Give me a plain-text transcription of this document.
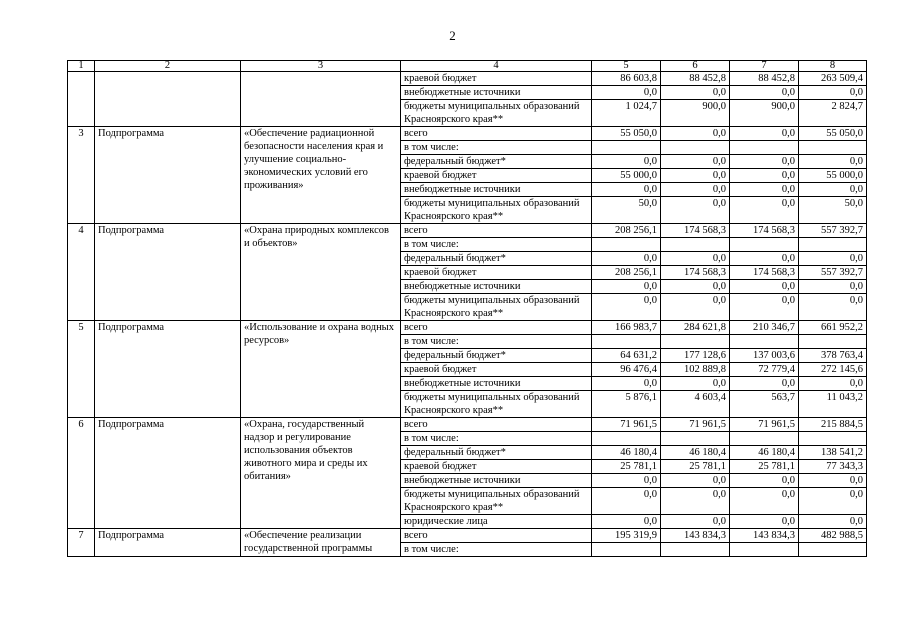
2
1	2	3	4	5	6	7	8
			краевой бюджет	86 603,8	88 452,8	88 452,8	263 509,4
			внебюджетные источники	0,0	0,0	0,0	0,0
			бюджеты муниципальных образований Красноярского края**	1 024,7	900,0	900,0	2 824,7
3	Подпрограмма	«Обеспечение радиационной безопасности населения края и улучшение социально-экономических условий его проживания»	всего	55 050,0	0,0	0,0	55 050,0
			в том числе:				
			федеральный бюджет*	0,0	0,0	0,0	0,0
			краевой бюджет	55 000,0	0,0	0,0	55 000,0
			внебюджетные источники	0,0	0,0	0,0	0,0
			бюджеты муниципальных образований Красноярского края**	50,0	0,0	0,0	50,0
4	Подпрограмма	«Охрана природных комплексов и объектов»	всего	208 256,1	174 568,3	174 568,3	557 392,7
			в том числе:				
			федеральный бюджет*	0,0	0,0	0,0	0,0
			краевой бюджет	208 256,1	174 568,3	174 568,3	557 392,7
			внебюджетные источники	0,0	0,0	0,0	0,0
			бюджеты муниципальных образований Красноярского края**	0,0	0,0	0,0	0,0
5	Подпрограмма	«Использование и охрана водных ресурсов»	всего	166 983,7	284 621,8	210 346,7	661 952,2
			в том числе:				
			федеральный бюджет*	64 631,2	177 128,6	137 003,6	378 763,4
			краевой бюджет	96 476,4	102 889,8	72 779,4	272 145,6
			внебюджетные источники	0,0	0,0	0,0	0,0
			бюджеты муниципальных образований Красноярского края**	5 876,1	4 603,4	563,7	11 043,2
6	Подпрограмма	«Охрана, государственный надзор и регулирование использования объектов животного мира и среды их обитания»	всего	71 961,5	71 961,5	71 961,5	215 884,5
			в том числе:				
			федеральный бюджет*	46 180,4	46 180,4	46 180,4	138 541,2
			краевой бюджет	25 781,1	25 781,1	25 781,1	77 343,3
			внебюджетные источники	0,0	0,0	0,0	0,0
			бюджеты муниципальных образований Красноярского края**	0,0	0,0	0,0	0,0
			юридические лица	0,0	0,0	0,0	0,0
7	Подпрограмма	«Обеспечение реализации государственной программы	всего	195 319,9	143 834,3	143 834,3	482 988,5
			в том числе:				
